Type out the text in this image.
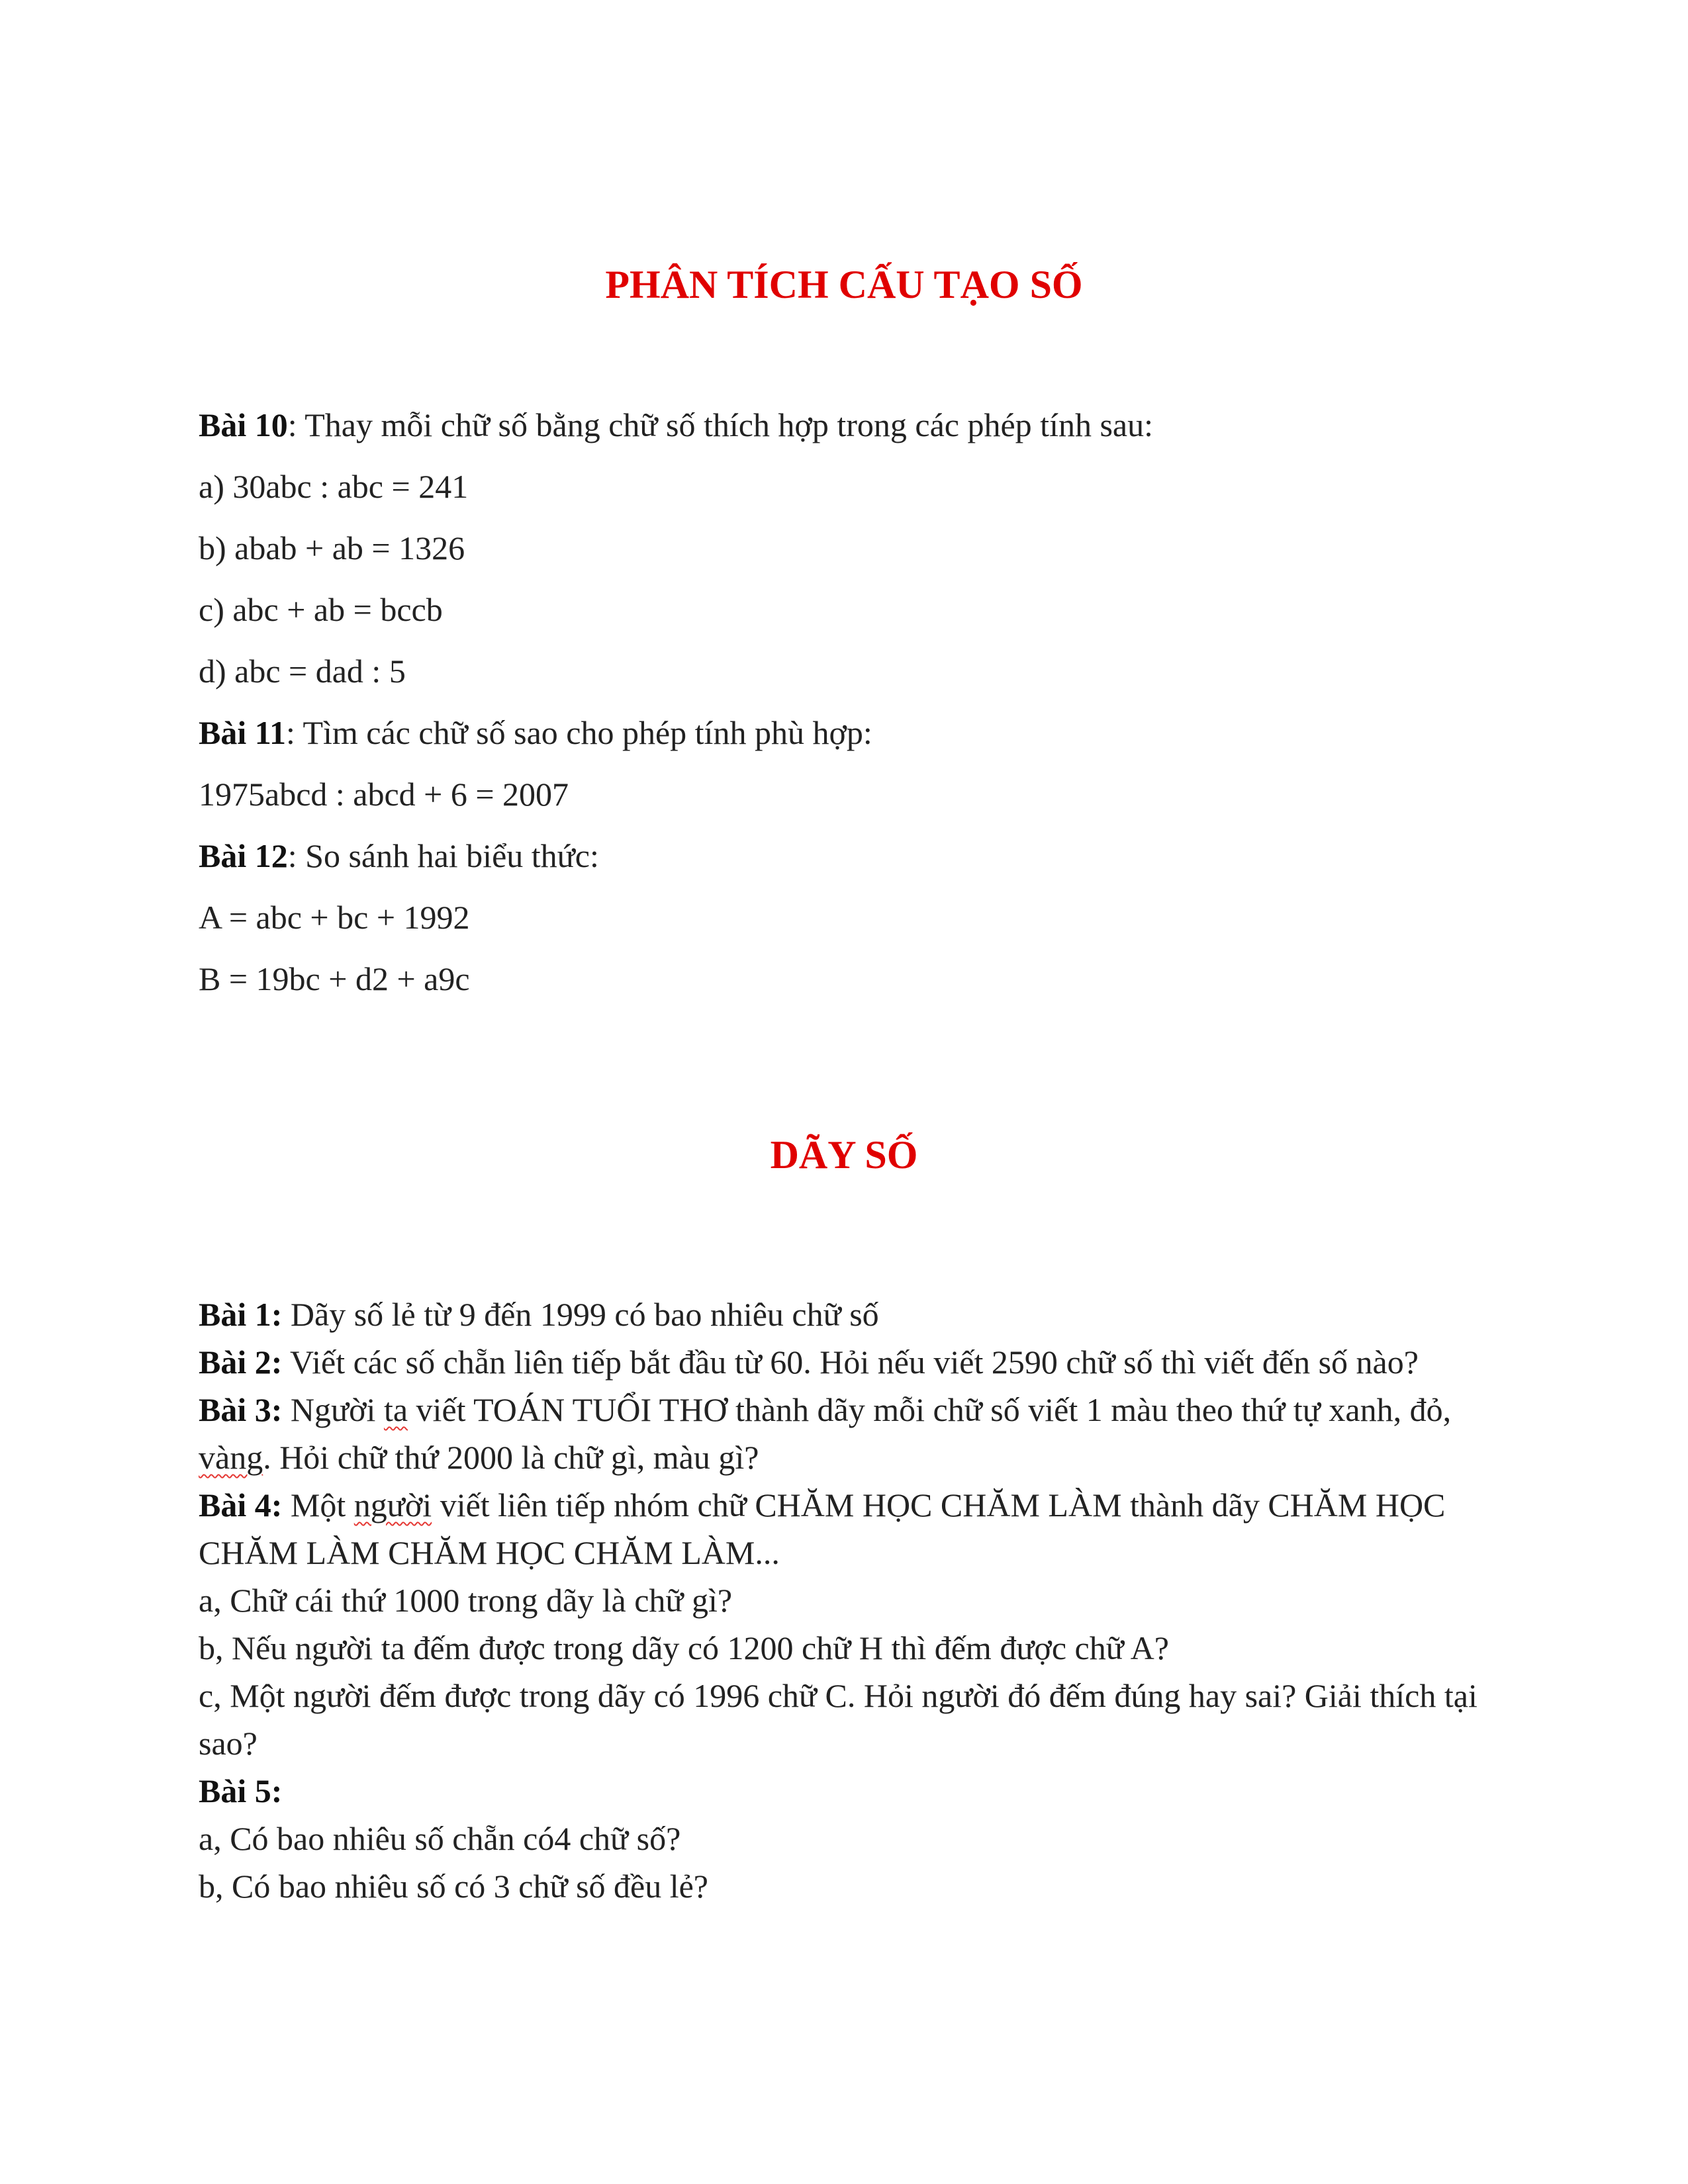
PHÂN TÍCH CẤU TẠO SỐ

Bài 10: Thay mỗi chữ số bằng chữ số thích hợp trong các phép tính sau:

a) 30abc : abc = 241

b) abab + ab = 1326

c) abc + ab = bccb

d) abc = dad : 5

Bài 11: Tìm các chữ số sao cho phép tính phù hợp:

1975abcd : abcd + 6 = 2007

Bài 12: So sánh hai biểu thức:

A = abc + bc + 1992

B = 19bc + d2 + a9c

DÃY SỐ

Bài 1: Dãy số lẻ từ 9 đến 1999 có bao nhiêu chữ số

Bài 2: Viết các số chẵn liên tiếp bắt đầu từ 60. Hỏi nếu viết 2590 chữ số thì viết đến số nào?

Bài 3: Người ta viết TOÁN TUỔI THƠ thành dãy mỗi chữ số viết 1 màu theo thứ tự xanh, đỏ, vàng. Hỏi chữ thứ 2000 là chữ gì, màu gì?

Bài 4: Một người viết liên tiếp nhóm chữ CHĂM HỌC CHĂM LÀM thành dãy CHĂM HỌC CHĂM LÀM CHĂM HỌC CHĂM LÀM...

a, Chữ cái thứ 1000 trong dãy là chữ gì?

b, Nếu người ta đếm được trong dãy có 1200 chữ H thì đếm được chữ A?

c, Một người đếm được trong dãy có 1996 chữ C. Hỏi người đó đếm đúng hay sai? Giải thích tại sao?

Bài 5:

a, Có bao nhiêu số chẵn có4 chữ số?

b, Có bao nhiêu số có 3 chữ số đều lẻ?
